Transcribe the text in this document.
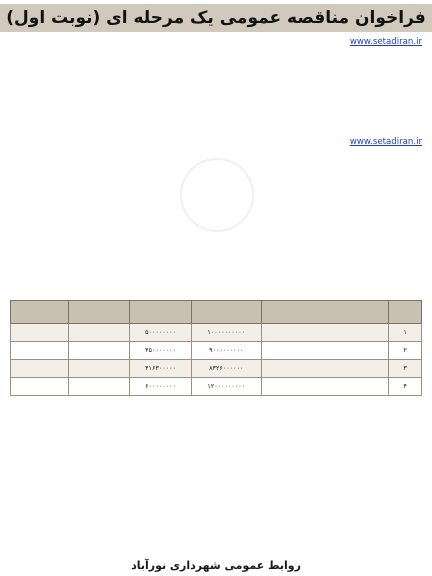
فراخوان مناقصه عمومی یک مرحله ای (نوبت اول)

www.setadiran.ir

www.setadiran.ir

۱		۱۰۰۰۰۰۰۰۰۰۰	۵۰۰۰۰۰۰۰۰		
۲		۹۰۰۰۰۰۰۰۰۰	۴۵۰۰۰۰۰۰۰		
۳		۸۳۲۶۰۰۰۰۰۰	۴۱۶۳۰۰۰۰۰		
۴		۱۲۰۰۰۰۰۰۰۰۰	۶۰۰۰۰۰۰۰۰		
روابط عمومی شهرداری نورآباد
